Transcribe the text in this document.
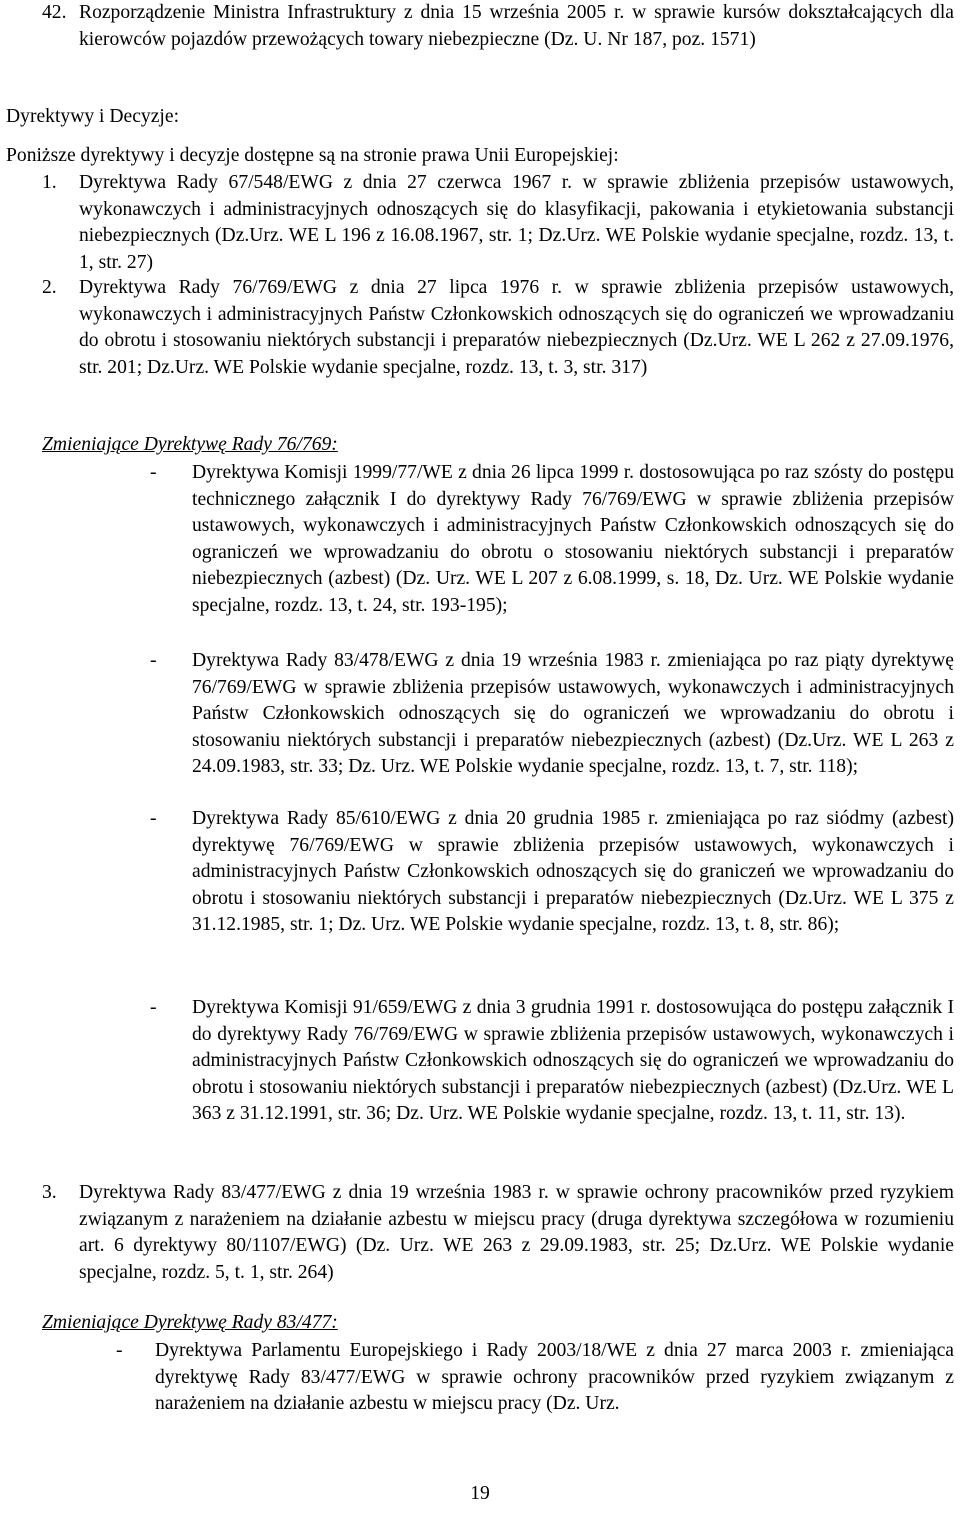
42. Rozporządzenie Ministra Infrastruktury z dnia 15 września 2005 r. w sprawie kursów dokształcających dla kierowców pojazdów przewożących towary niebezpieczne (Dz. U. Nr 187, poz. 1571)
Dyrektywy i Decyzje:
Poniższe dyrektywy i decyzje dostępne są na stronie prawa Unii Europejskiej:
1. Dyrektywa Rady 67/548/EWG z dnia 27 czerwca 1967 r. w sprawie zbliżenia przepisów ustawowych, wykonawczych i administracyjnych odnoszących się do klasyfikacji, pakowania i etykietowania substancji niebezpiecznych (Dz.Urz. WE L 196 z 16.08.1967, str. 1; Dz.Urz. WE Polskie wydanie specjalne, rozdz. 13, t. 1, str. 27)
2. Dyrektywa Rady 76/769/EWG z dnia 27 lipca 1976 r. w sprawie zbliżenia przepisów ustawowych, wykonawczych i administracyjnych Państw Członkowskich odnoszących się do ograniczeń we wprowadzaniu do obrotu i stosowaniu niektórych substancji i preparatów niebezpiecznych (Dz.Urz. WE L 262 z 27.09.1976, str. 201; Dz.Urz. WE Polskie wydanie specjalne, rozdz. 13, t. 3, str. 317)
Zmieniające Dyrektywę Rady 76/769:
- Dyrektywa Komisji 1999/77/WE z dnia 26 lipca 1999 r. dostosowująca po raz szósty do postępu technicznego załącznik I do dyrektywy Rady 76/769/EWG w sprawie zbliżenia przepisów ustawowych, wykonawczych i administracyjnych Państw Członkowskich odnoszących się do ograniczeń we wprowadzaniu do obrotu o stosowaniu niektórych substancji i preparatów niebezpiecznych (azbest) (Dz. Urz. WE L 207 z 6.08.1999, s. 18, Dz. Urz. WE Polskie wydanie specjalne, rozdz. 13, t. 24, str. 193-195);
- Dyrektywa Rady 83/478/EWG z dnia 19 września 1983 r. zmieniająca po raz piąty dyrektywę 76/769/EWG w sprawie zbliżenia przepisów ustawowych, wykonawczych i administracyjnych Państw Członkowskich odnoszących się do ograniczeń we wprowadzaniu do obrotu i stosowaniu niektórych substancji i preparatów niebezpiecznych (azbest) (Dz.Urz. WE L 263 z 24.09.1983, str. 33; Dz. Urz. WE Polskie wydanie specjalne, rozdz. 13, t. 7, str. 118);
- Dyrektywa Rady 85/610/EWG z dnia 20 grudnia 1985 r. zmieniająca po raz siódmy (azbest) dyrektywę 76/769/EWG w sprawie zbliżenia przepisów ustawowych, wykonawczych i administracyjnych Państw Członkowskich odnoszących się do graniczeń we wprowadzaniu do obrotu i stosowaniu niektórych substancji i preparatów niebezpiecznych (Dz.Urz. WE L 375 z 31.12.1985, str. 1; Dz. Urz. WE Polskie wydanie specjalne, rozdz. 13, t. 8, str. 86);
- Dyrektywa Komisji 91/659/EWG z dnia 3 grudnia 1991 r. dostosowująca do postępu załącznik I do dyrektywy Rady 76/769/EWG w sprawie zbliżenia przepisów ustawowych, wykonawczych i administracyjnych Państw Członkowskich odnoszących się do ograniczeń we wprowadzaniu do obrotu i stosowaniu niektórych substancji i preparatów niebezpiecznych (azbest) (Dz.Urz. WE L 363 z 31.12.1991, str. 36; Dz. Urz. WE Polskie wydanie specjalne, rozdz. 13, t. 11, str. 13).
3. Dyrektywa Rady 83/477/EWG z dnia 19 września 1983 r. w sprawie ochrony pracowników przed ryzykiem związanym z narażeniem na działanie azbestu w miejscu pracy (druga dyrektywa szczegółowa w rozumieniu art. 6 dyrektywy 80/1107/EWG) (Dz. Urz. WE 263 z 29.09.1983, str. 25; Dz.Urz. WE Polskie wydanie specjalne, rozdz. 5, t. 1, str. 264)
Zmieniające Dyrektywę Rady 83/477:
- Dyrektywa Parlamentu Europejskiego i Rady 2003/18/WE z dnia 27 marca 2003 r. zmieniająca dyrektywę Rady 83/477/EWG w sprawie ochrony pracowników przed ryzykiem związanym z narażeniem na działanie azbestu w miejscu pracy (Dz. Urz.
19
